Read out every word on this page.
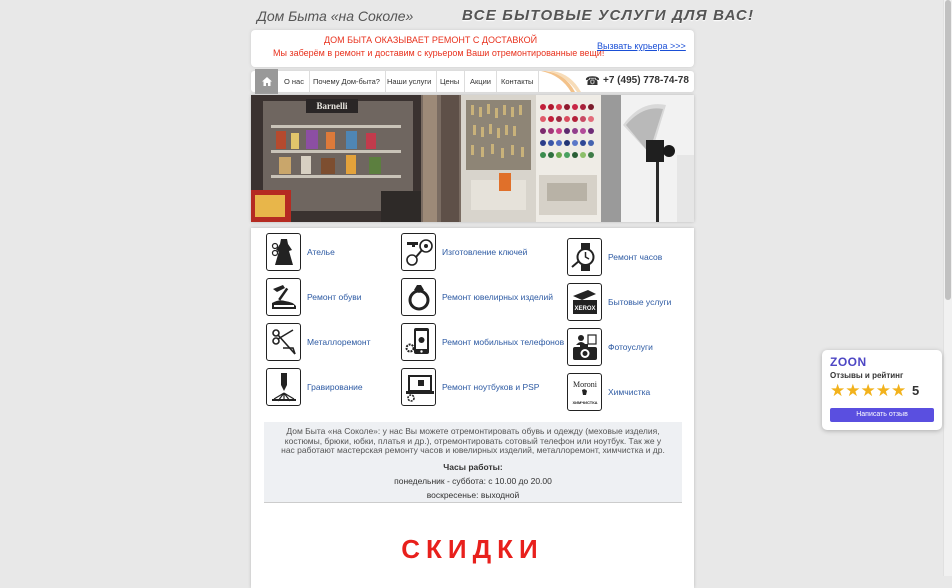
Дом Быта «на Соколе»	ВСЕ БЫТОВЫЕ УСЛУГИ ДЛЯ ВАС!
ДОМ БЫТА ОКАЗЫВАЕТ РЕМОНТ С ДОСТАВКОЙ
Мы заберём в ремонт и доставим с курьером Ваши отремонтированные вещи!
Вызвать курьера >>>
О нас	Почему Дом-быта? Наши услуги	Цены	Акции	Контакты	☎ +7 (495) 778-74-78
Barnelli
Ателье
Ремонт обуви
Металлоремонт
Гравирование
Изготовление ключей
Ремонт ювелирных изделий
Ремонт мобильных телефонов
Ремонт ноутбуков и PSP
Ремонт часов
XEROX
Бытовые услуги
Фотоуслуги
Moroni
ХИМЧИСТКА
Химчистка
Дом Быта «на Соколе»: у нас Вы можете отремонтировать обувь и одежду (меховые изделия, костюмы, брюки, юбки, платья и др.), отремонтировать сотовый телефон или ноутбук. Так же у нас работают мастерская ремонту часов и ювелирных изделий, металлоремонт, химчистка и др.
Часы работы:
понедельник - суббота: с 10.00 до 20.00
воскресенье: выходной
СКИДКИ
ZOON
Отзывы и рейтинг
★ ★ ★ ★ ★ 5
Написать отзыв
